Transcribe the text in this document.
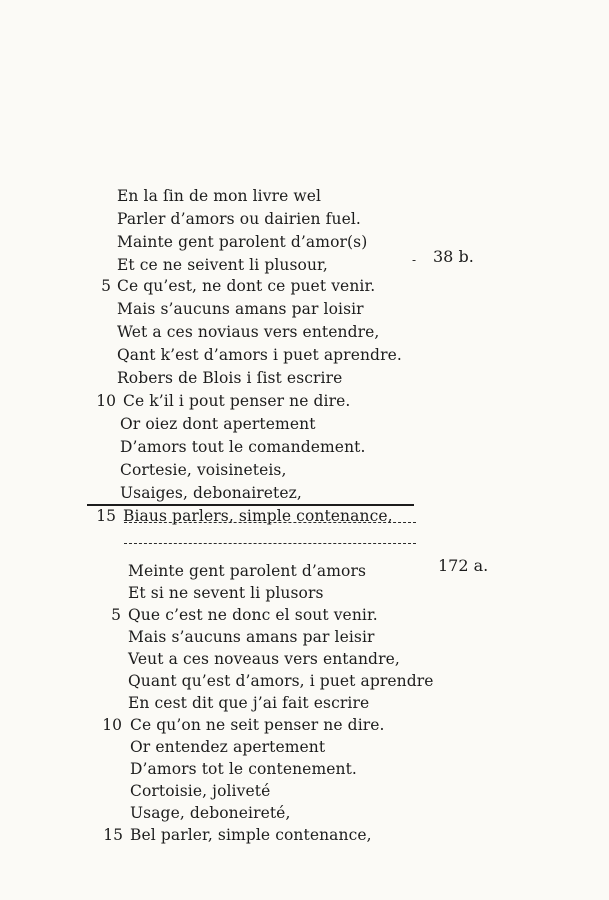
En la ſin de mon livre wel
Parler d’amors ou dairien fuel.
Mainte gent parolent d’amor(s)
Et ce ne seivent li plusour,
5 Ce qu’est, ne dont ce puet venir.
Mais s’aucuns amans par loisir
Wet a ces noviaus vers entendre,
Qant k’est d’amors i puet aprendre.
Robers de Blois i ſist escrire
10 Ce k’il i pout penser ne dire.
Or oiez dont apertement
D’amors tout le comandement.
Cortesie, voisineteis,
Usaiges, debonairetez,
15 Biaus parlers, simple contenance,
- 38 b.
Meinte gent parolent d’amors
Et si ne sevent li plusors
5 Que c’est ne donc el sout venir.
Mais s’aucuns amans par leisir
Veut a ces noveaus vers entandre,
Quant qu’est d’amors, i puet aprendre
En cest dit que j’ai fait escrire
10 Ce qu’on ne seit penser ne dire.
Or entendez apertement
D’amors tot le contenement.
Cortoisie, joliveté
Usage, deboneireté,
15 Bel parler, simple contenance,
172 a.
